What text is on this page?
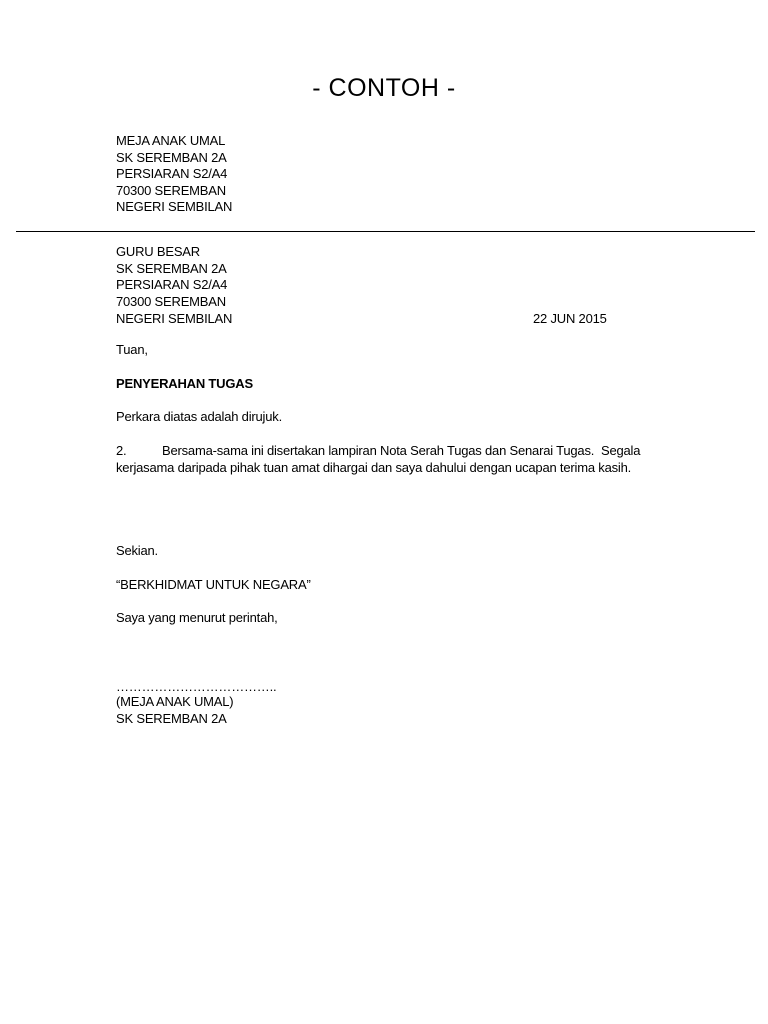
- CONTOH -
MEJA ANAK UMAL
SK SEREMBAN 2A
PERSIARAN S2/A4
70300 SEREMBAN
NEGERI SEMBILAN
GURU BESAR
SK SEREMBAN 2A
PERSIARAN S2/A4
70300 SEREMBAN
NEGERI SEMBILAN	22 JUN 2015
Tuan,
PENYERAHAN TUGAS
Perkara diatas adalah dirujuk.
2.	Bersama-sama ini disertakan lampiran Nota Serah Tugas dan Senarai Tugas.  Segala
kerjasama daripada pihak tuan amat dihargai dan saya dahului dengan ucapan terima kasih.
Sekian.
“BERKHIDMAT UNTUK NEGARA”
Saya yang menurut perintah,
………………………………..
(MEJA ANAK UMAL)
SK SEREMBAN 2A
